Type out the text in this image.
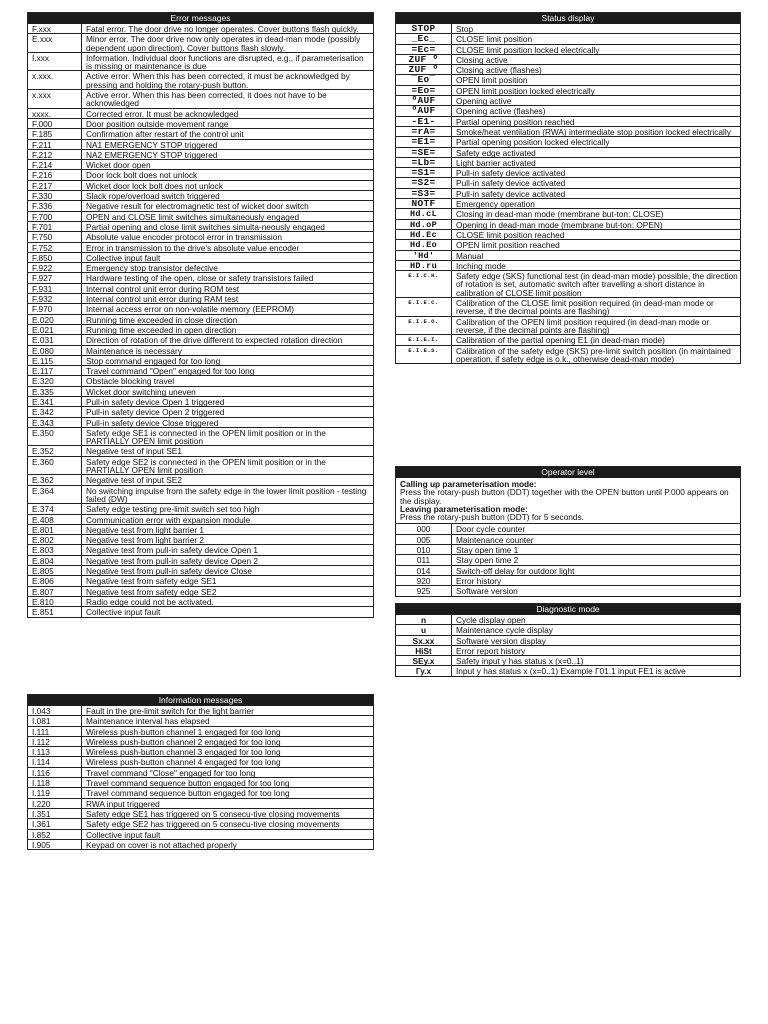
Error messages
F.xxx	Fatal error. The door drive no longer operates. Cover buttons flash quickly.
E.xxx	Minor error. The door drive now only operates in dead-man mode (possibly dependent upon direction). Cover buttons flash slowly.
I.xxx	Information. Individual door functions are disrupted, e.g., if parameterisation is missing or maintenance is due
x.xxx.	Active error. When this has been corrected, it must be acknowledged by pressing and holding the rotary-push button.
x.xxx	Active error. When this has been corrected, it does not have to be acknowledged
xxxx.	Corrected error. It must be acknowledged
F.000	Door position outside movement range
F.185	Confirmation after restart of the control unit
F.211	NA1 EMERGENCY STOP triggered
F.212	NA2 EMERGENCY STOP triggered
F.214	Wicket door open
F.216	Door lock bolt does not unlock
F.217	Wicket door lock bolt does not unlock
F.330	Slack rope/overload switch triggered
F.336	Negative result for electromagnetic test of wicket door switch
F.700	OPEN and CLOSE limit switches simultaneously engaged
F.701	Partial opening and close limit switches simulta-neously engaged
F.750	Absolute value encoder protocol error in transmission
F.752	Error in transmission to the drive's absolute value encoder
F.850	Collective input fault
F.922	Emergency stop transistor defective
F.927	Hardware testing of the open, close or safety transistors failed
F.931	Internal control unit error during ROM test
F.932	Internal control unit error during RAM test
F.970	Internal access error on non-volatile memory (EEPROM)
E.020	Running time exceeded in close direction
E.021	Running time exceeded in open direction
E.031	Direction of rotation of the drive different to expected rotation direction
E.080	Maintenance is necessary
E.115	Stop command engaged for too long
E.117	Travel command "Open" engaged for too long
E.320	Obstacle blocking travel
E.335	Wicket door switching uneven
E.341	Pull-in safety device Open 1 triggered
E.342	Pull-in safety device Open 2 triggered
E.343	Pull-in safety device Close triggered
E.350	Safety edge SE1 is connected in the OPEN limit position or in the PARTIALLY OPEN limit position
E.352	Negative test of input SE1
E.360	Safety edge SE2 is connected in the OPEN limit position or in the PARTIALLY OPEN limit position
E.362	Negative test of input SE2
E.364	No switching impulse from the safety edge in the lower limit position - testing failed (DW)
E.374	Safety edge testing pre-limit switch set too high
E.408	Communication error with expansion module
E.801	Negative test from light barrier 1
E.802	Negative test from light barrier 2
E.803	Negative test from pull-in safety device Open 1
E.804	Negative test from pull-in safety device Open 2
E.805	Negative test from pull-in safety device Close
E.806	Negative test from safety edge SE1
E.807	Negative test from safety edge SE2
E.810	Radio edge could not be activated.
E.851	Collective input fault
Information messages
I.043	Fault in the pre-limit switch for the light barrier
I.081	Maintenance interval has elapsed
I.111	Wireless push-button channel 1 engaged for too long
I.112	Wireless push-button channel 2 engaged for too long
I.113	Wireless push-button channel 3 engaged for too long
I.114	Wireless push-button channel 4 engaged for too long
I.116	Travel command "Close" engaged for too long
I.118	Travel command sequence button engaged for too long
I.119	Travel command sequence button engaged for too long
I.220	RWA input triggered
I.351	Safety edge SE1 has triggered on 5 consecu-tive closing movements
I.361	Safety edge SE2 has triggered on 5 consecu-tive closing movements
I.852	Collective input fault
I.905	Keypad on cover is not attached properly
Status display
STOP	Stop
_Ec_	CLOSE limit position
=Ec=	CLOSE limit position locked electrically
ZUF º	Closing active
ZUF º	Closing active (flashes)
¯Eo¯	OPEN limit position
=Eo=	OPEN limit position locked electrically
ºAUF	Opening active
ºAUF	Opening active (flashes)
-E1-	Partial opening position reached
=rA=	Smoke/heat ventilation (RWA) intermediate stop position locked electrically
=E1=	Partial opening position locked electrically
=SE=	Safety edge activated
=Lb=	Light barrier activated
=S1=	Pull-in safety device activated
=S2=	Pull-in safety device activated
=S3=	Pull-in safety device activated
NOTF	Emergency operation
Hd.cL	Closing in dead-man mode (membrane but-ton: CLOSE)
Hd.oP	Opening in dead-man mode (membrane but-ton: OPEN)
Hd.Ec	CLOSE limit position reached
Hd.Eo	OPEN limit position reached
'Hd'	Manual
HD.ru	Inching mode
E.I.C.H.	Safety edge (SKS) functional test (in dead-man mode) possible, the direction of rotation is set, automatic switch after travelling a short distance in calibration of CLOSE limit position
E.I.E.C.	Calibration of the CLOSE limit position required (in dead-man mode or reverse, if the decimal points are flashing)
E.I.E.O.	Calibration of the OPEN limit position required (in dead-man mode or reverse, if the decimal points are flashing)
E.I.E.I.	Calibration of the partial opening E1 (in dead-man mode)
E.I.E.S.	Calibration of the safety edge (SKS) pre-limit switch position (in maintained operation, if safety edge is o.k., otherwise dead-man mode)
Operator level
Calling up parameterisation mode:
Press the rotary-push button (DDT) together with the OPEN button until P.000 appears on the display.
Leaving parameterisation mode:
Press the rotary-push button (DDT) for 5 seconds.
000	Door cycle counter
005	Maintenance counter
010	Stay open time 1
011	Stay open time 2
014	Switch-off delay for outdoor light
920	Error history
925	Software version
Diagnostic mode
n	Cycle display open
u	Maintenance cycle display
Sx.xx	Software version display
HiSt	Error report history
SEy.x	Safety input y has status x (x=0..1)
Гу.х	Input y has status x (x=0..1) Example Г01.1 input FE1 is active
